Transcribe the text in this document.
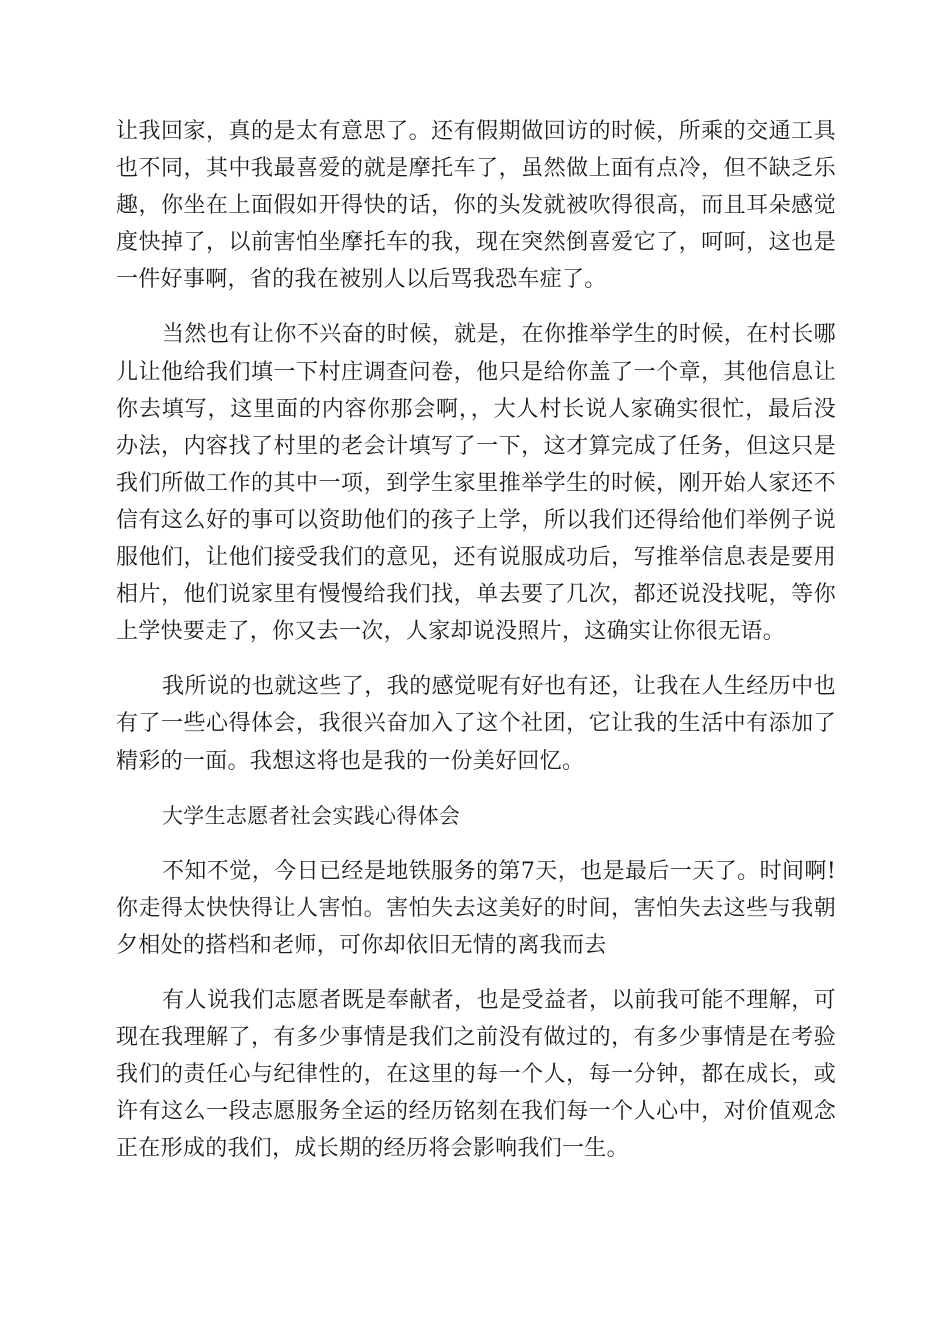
让我回家，真的是太有意思了。还有假期做回访的时候，所乘的交通工具也不同，其中我最喜爱的就是摩托车了，虽然做上面有点冷，但不缺乏乐趣，你坐在上面假如开得快的话，你的头发就被吹得很高，而且耳朵感觉度快掉了，以前害怕坐摩托车的我，现在突然倒喜爱它了，呵呵，这也是一件好事啊，省的我在被别人以后骂我恐车症了。

当然也有让你不兴奋的时候，就是，在你推举学生的时候，在村长哪儿让他给我们填一下村庄调查问卷，他只是给你盖了一个章，其他信息让你去填写，这里面的内容你那会啊，，大人村长说人家确实很忙，最后没办法，内容找了村里的老会计填写了一下，这才算完成了任务，但这只是我们所做工作的其中一项，到学生家里推举学生的时候，刚开始人家还不信有这么好的事可以资助他们的孩子上学，所以我们还得给他们举例子说服他们，让他们接受我们的意见，还有说服成功后，写推举信息表是要用相片，他们说家里有慢慢给我们找，单去要了几次，都还说没找呢，等你上学快要走了，你又去一次，人家却说没照片，这确实让你很无语。

我所说的也就这些了，我的感觉呢有好也有还，让我在人生经历中也有了一些心得体会，我很兴奋加入了这个社团，它让我的生活中有添加了精彩的一面。我想这将也是我的一份美好回忆。

大学生志愿者社会实践心得体会

不知不觉，今日已经是地铁服务的第7天，也是最后一天了。时间啊!你走得太快快得让人害怕。害怕失去这美好的时间，害怕失去这些与我朝夕相处的搭档和老师，可你却依旧无情的离我而去

有人说我们志愿者既是奉献者，也是受益者，以前我可能不理解，可现在我理解了，有多少事情是我们之前没有做过的，有多少事情是在考验我们的责任心与纪律性的，在这里的每一个人，每一分钟，都在成长，或许有这么一段志愿服务全运的经历铭刻在我们每一个人心中，对价值观念正在形成的我们，成长期的经历将会影响我们一生。
